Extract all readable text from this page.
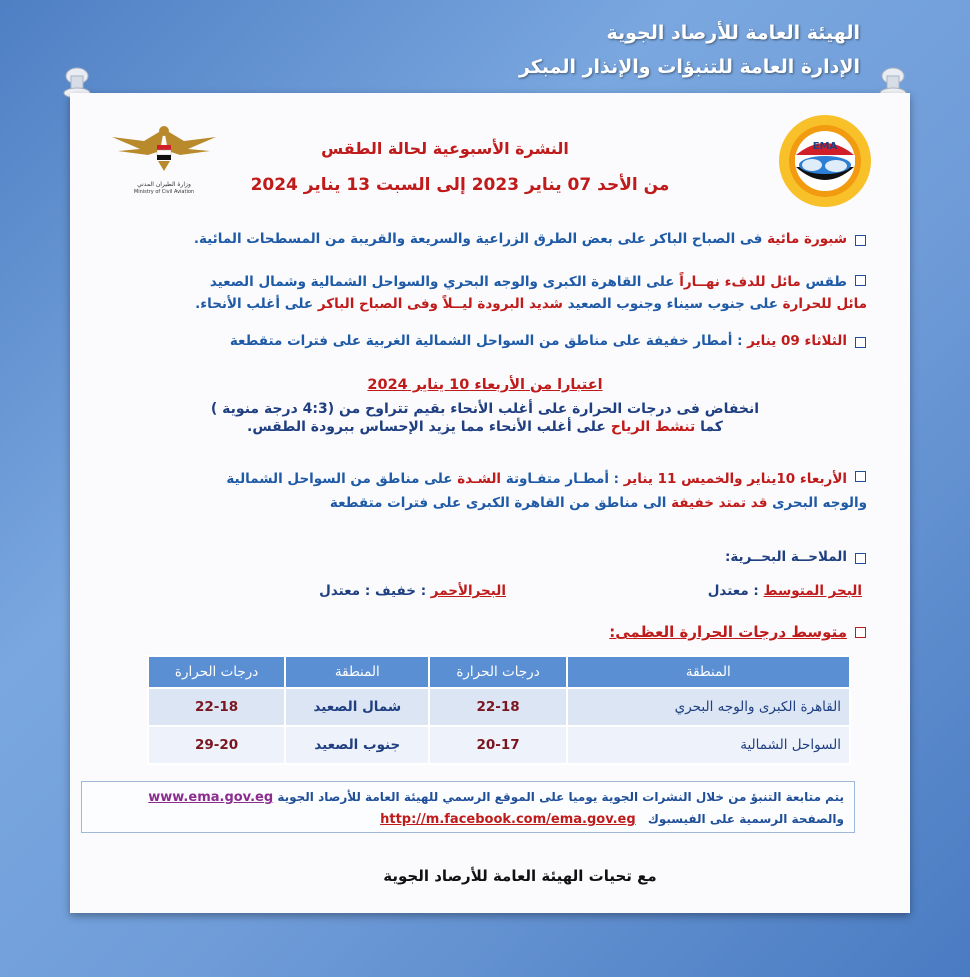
الهيئة العامة للأرصاد الجوية
الإدارة العامة للتنبؤات والإنذار المبكر
وزارة الطيران المدني
Ministry of Civil Aviation
EMA
النشرة الأسبوعية لحالة الطقس
من الأحد 07 يناير 2023 إلى السبت 13 يناير 2024
شبورة مائية فى الصباح الباكر على بعض الطرق الزراعية والسريعة والقريبة من المسطحات المائية.
طقس مائل للدفء نهــاراً على القاهرة الكبرى والوجه البحري والسواحل الشمالية وشمال الصعيد
مائل للحرارة على جنوب سيناء وجنوب الصعيد شديد البرودة ليــلاً وفى الصباح الباكر على أغلب الأنحاء.
الثلاثاء 09 يناير : أمطار خفيفة على مناطق من السواحل الشمالية الغربية على فترات متقطعة
اعتبارا من الأربعاء 10 يناير 2024
انخفاض فى درجات الحرارة على أغلب الأنحاء بقيم تتراوح من (4:3 درجة منوية )
كما تنشط الرياح على أغلب الأنحاء مما يزيد الإحساس ببرودة الطقس.
الأربعاء 10يناير والخميس 11 يناير : أمطـار متفـاوتة الشـدة على مناطق من السواحل الشمالية
والوجه البحرى قد تمتد خفيفة الى مناطق من القاهرة الكبرى على فترات متقطعة
الملاحــة البحــرية:
البحر المتوسط : معتدل
البحرالأحمر : خفيف : معتدل
متوسط درجات الحرارة العظمى:
المنطقة	درجات الحرارة	المنطقة	درجات الحرارة
القاهرة الكبرى والوجه البحري	22-18	شمال الصعيد	22-18
السواحل الشمالية	20-17	جنوب الصعيد	29-20
يتم متابعة التنبؤ من خلال النشرات الجوية يوميا على الموقع الرسمي للهيئة العامة للأرصاد الجوية www.ema.gov.eg
والصفحة الرسمية على الفيسبوك http://m.facebook.com/ema.gov.eg
مع تحيات الهيئة العامة للأرصاد الجوية
